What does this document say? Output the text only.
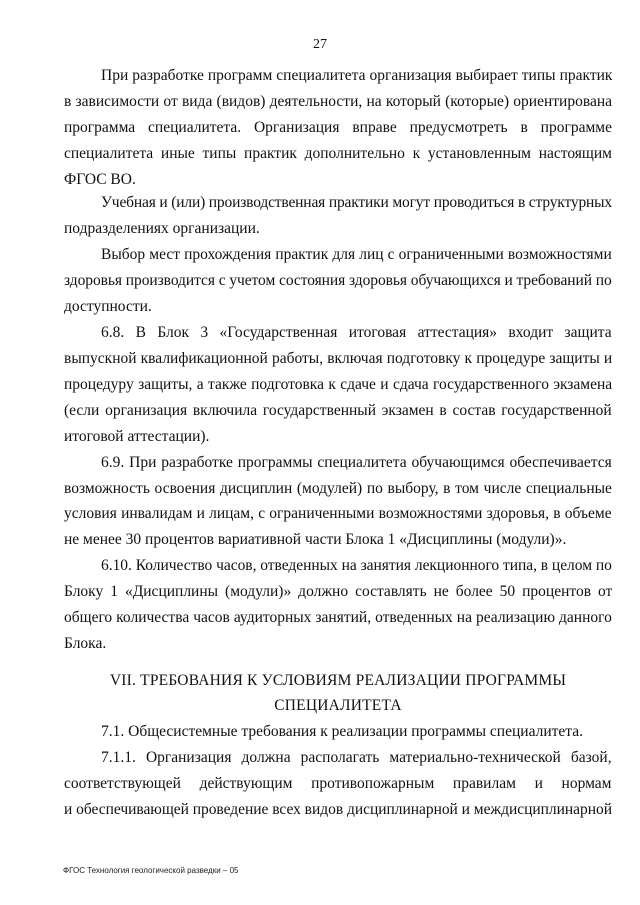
27
При разработке программ специалитета организация выбирает типы практик
в зависимости от вида (видов) деятельности, на который (которые) ориентирована
программа специалитета. Организация вправе предусмотреть в программе
специалитета иные типы практик дополнительно к установленным настоящим
ФГОС ВО.
Учебная и (или) производственная практики могут проводиться в структурных
подразделениях организации.
Выбор мест прохождения практик для лиц с ограниченными возможностями
здоровья производится с учетом состояния здоровья обучающихся и требований по
доступности.
6.8. В Блок 3 «Государственная итоговая аттестация» входит защита
выпускной квалификационной работы, включая подготовку к процедуре защиты и
процедуру защиты, а также подготовка к сдаче и сдача государственного экзамена
(если организация включила государственный экзамен в состав государственной
итоговой аттестации).
6.9. При разработке программы специалитета обучающимся обеспечивается
возможность освоения дисциплин (модулей) по выбору, в том числе специальные
условия инвалидам и лицам, с ограниченными возможностями здоровья, в объеме
не менее 30 процентов вариативной части Блока 1 «Дисциплины (модули)».
6.10. Количество часов, отведенных на занятия лекционного типа, в целом по
Блоку 1 «Дисциплины (модули)» должно составлять не более 50 процентов от
общего количества часов аудиторных занятий, отведенных на реализацию данного
Блока.
VII. ТРЕБОВАНИЯ К УСЛОВИЯМ РЕАЛИЗАЦИИ ПРОГРАММЫ
СПЕЦИАЛИТЕТА
7.1. Общесистемные требования к реализации программы специалитета.
7.1.1. Организация должна располагать материально-технической базой,
соответствующей действующим противопожарным правилам и нормам
и обеспечивающей проведение всех видов дисциплинарной и междисциплинарной
ФГОС Технология геологической разведки – 05
